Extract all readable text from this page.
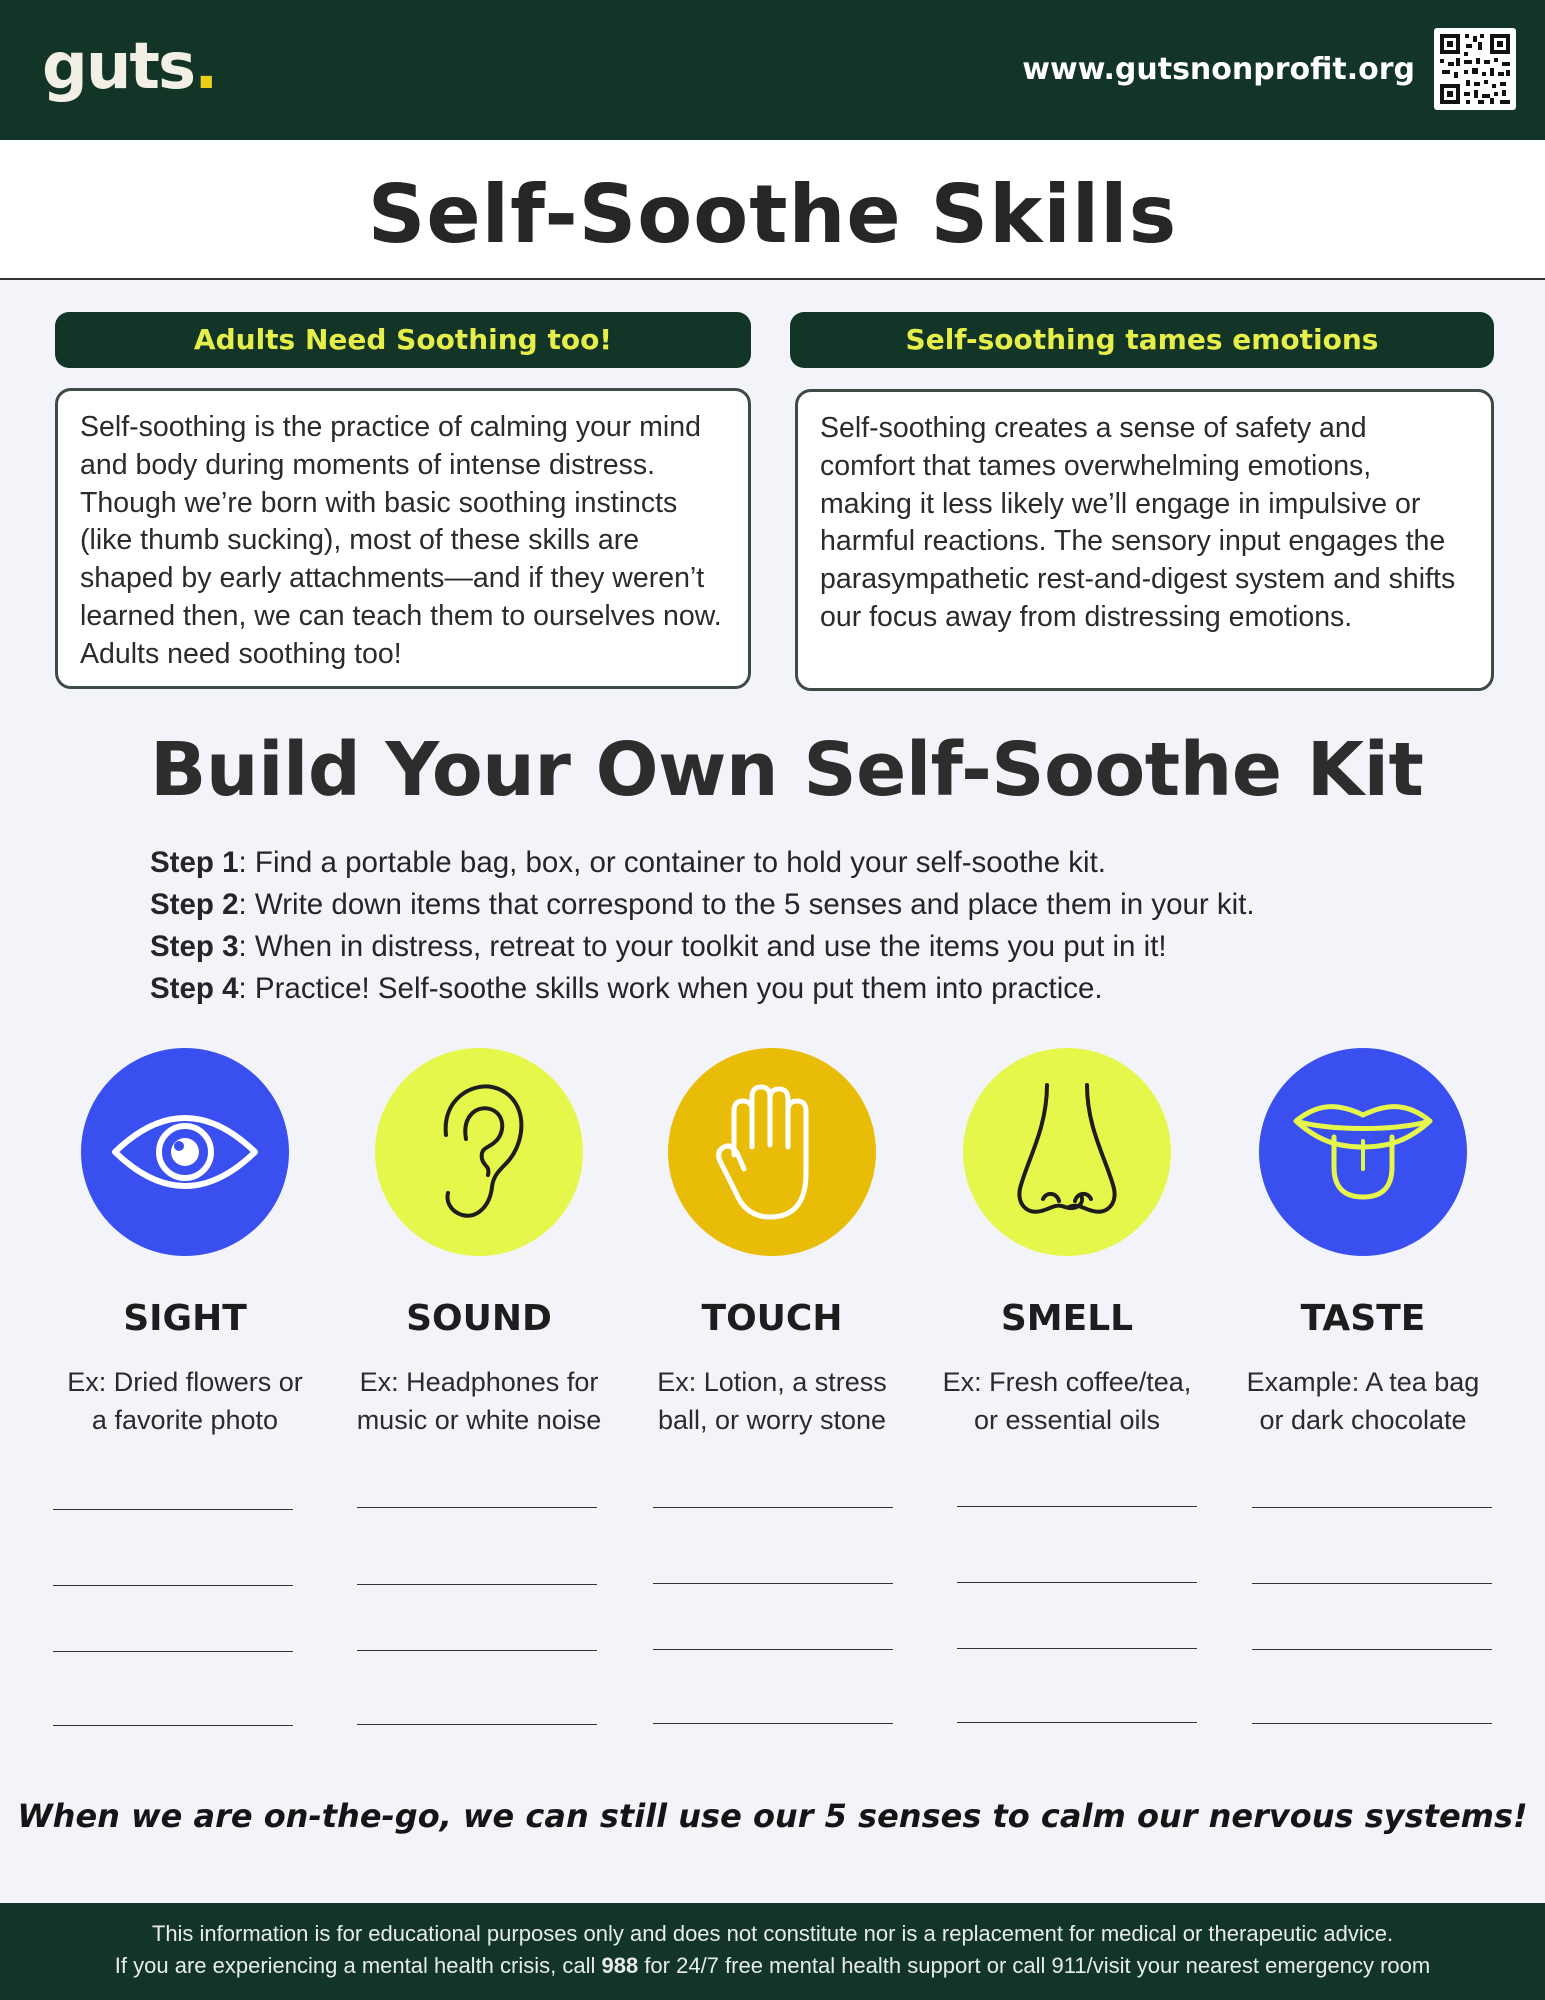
guts.	www.gutsnonprofit.org
Self-Soothe Skills
Adults Need Soothing too!
Self-soothing is the practice of calming your mind and body during moments of intense distress. Though we’re born with basic soothing instincts (like thumb sucking), most of these skills are shaped by early attachments—and if they weren’t learned then, we can teach them to ourselves now. Adults need soothing too!
Self-soothing tames emotions
Self-soothing creates a sense of safety and comfort that tames overwhelming emotions, making it less likely we’ll engage in impulsive or harmful reactions. The sensory input engages the parasympathetic rest-and-digest system and shifts our focus away from distressing emotions.
Build Your Own Self-Soothe Kit
Step 1: Find a portable bag, box, or container to hold your self-soothe kit.
Step 2: Write down items that correspond to the 5 senses and place them in your kit.
Step 3: When in distress, retreat to your toolkit and use the items you put in it!
Step 4: Practice! Self-soothe skills work when you put them into practice.
SIGHT
Ex: Dried flowers or
a favorite photo
SOUND
Ex: Headphones for
music or white noise
TOUCH
Ex: Lotion, a stress
ball, or worry stone
SMELL
Ex: Fresh coffee/tea,
or essential oils
TASTE
Example: A tea bag
or dark chocolate
When we are on-the-go, we can still use our 5 senses to calm our nervous systems!
This information is for educational purposes only and does not constitute nor is a replacement for medical or therapeutic advice.
If you are experiencing a mental health crisis, call 988 for 24/7 free mental health support or call 911/visit your nearest emergency room
